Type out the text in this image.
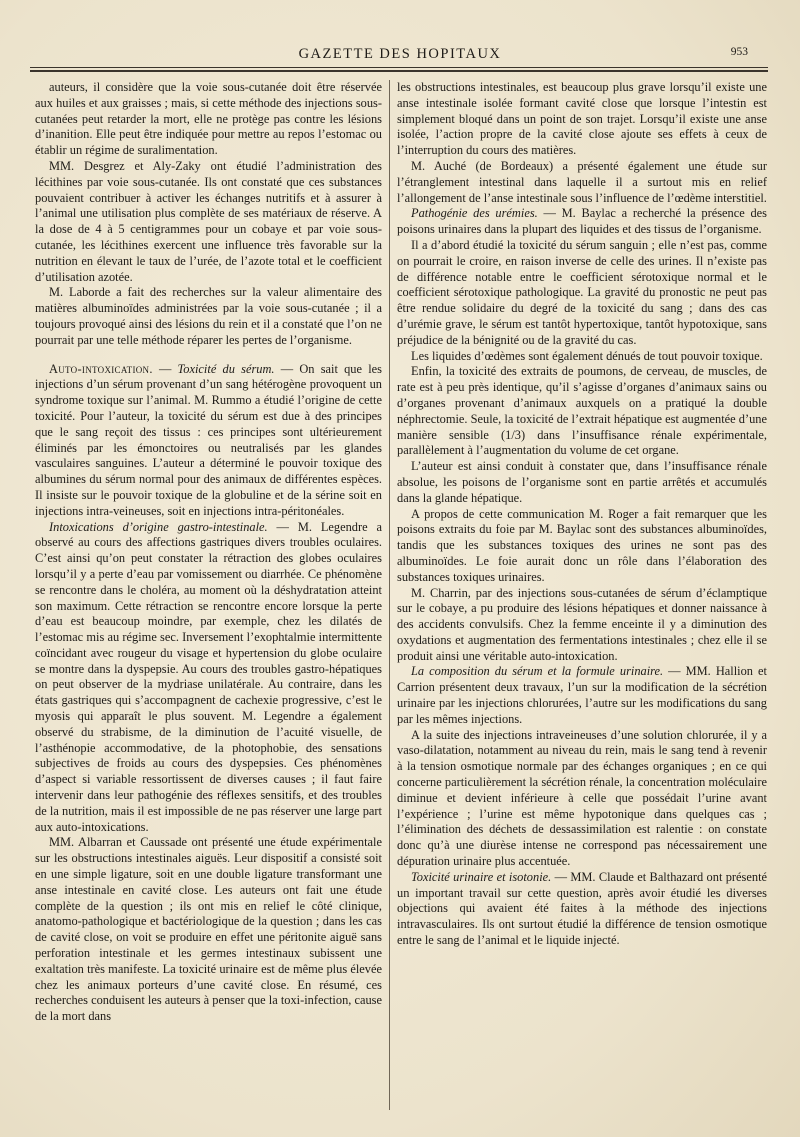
GAZETTE DES HOPITAUX	953

auteurs, il considère que la voie sous-cutanée doit être réservée aux huiles et aux graisses ; mais, si cette méthode des injections sous-cutanées peut retarder la mort, elle ne protège pas contre les lésions d’inanition. Elle peut être indiquée pour mettre au repos l’estomac ou établir un régime de suralimentation.

MM. Desgrez et Aly-Zaky ont étudié l’administration des lécithines par voie sous-cutanée. Ils ont constaté que ces substances pouvaient contribuer à activer les échanges nutritifs et à assurer à l’animal une utilisation plus complète de ses matériaux de réserve. A la dose de 4 à 5 centigrammes pour un cobaye et par voie sous-cutanée, les lécithines exercent une influence très favorable sur la nutrition en élevant le taux de l’urée, de l’azote total et le coefficient d’utilisation azotée.

M. Laborde a fait des recherches sur la valeur alimentaire des matières albuminoïdes administrées par la voie sous-cutanée ; il a toujours provoqué ainsi des lésions du rein et il a constaté que l’on ne pourrait par une telle méthode réparer les pertes de l’organisme.

Auto-intoxication. — Toxicité du sérum. — On sait que les injections d’un sérum provenant d’un sang hétérogène provoquent un syndrome toxique sur l’animal. M. Rummo a étudié l’origine de cette toxicité. Pour l’auteur, la toxicité du sérum est due à des principes que le sang reçoit des tissus : ces principes sont ultérieurement éliminés par les émonctoires ou neutralisés par les glandes vasculaires sanguines. L’auteur a déterminé le pouvoir toxique des albumines du sérum normal pour des animaux de différentes espèces. Il insiste sur le pouvoir toxique de la globuline et de la sérine soit en injections intra-veineuses, soit en injections intra-péritonéales.

Intoxications d’origine gastro-intestinale. — M. Legendre a observé au cours des affections gastriques divers troubles oculaires. C’est ainsi qu’on peut constater la rétraction des globes oculaires lorsqu’il y a perte d’eau par vomissement ou diarrhée. Ce phénomène se rencontre dans le choléra, au moment où la déshydratation atteint son maximum. Cette rétraction se rencontre encore lorsque la perte d’eau est beaucoup moindre, par exemple, chez les dilatés de l’estomac mis au régime sec. Inversement l’exophtalmie intermittente coïncidant avec rougeur du visage et hypertension du globe oculaire se montre dans la dyspepsie. Au cours des troubles gastro-hépatiques on peut observer de la mydriase unilatérale. Au contraire, dans les états gastriques qui s’accompagnent de cachexie progressive, c’est le myosis qui apparaît le plus souvent. M. Legendre a également observé du strabisme, de la diminution de l’acuité visuelle, de l’asthénopie accommodative, de la photophobie, des sensations subjectives de froids au cours des dyspepsies. Ces phénomènes d’aspect si variable ressortissent de diverses causes ; il faut faire intervenir dans leur pathogénie des réflexes sensitifs, et des troubles de la nutrition, mais il est impossible de ne pas réserver une large part aux auto-intoxications.

MM. Albarran et Caussade ont présenté une étude expérimentale sur les obstructions intestinales aiguës. Leur dispositif a consisté soit en une simple ligature, soit en une double ligature transformant une anse intestinale en cavité close. Les auteurs ont fait une étude complète de la question ; ils ont mis en relief le côté clinique, anatomo-pathologique et bactériologique de la question ; dans les cas de cavité close, on voit se produire en effet une péritonite aiguë sans perforation intestinale et les germes intestinaux subissent une exaltation très manifeste. La toxicité urinaire est de même plus élevée chez les animaux porteurs d’une cavité close. En résumé, ces recherches conduisent les auteurs à penser que la toxi-infection, cause de la mort dans

les obstructions intestinales, est beaucoup plus grave lorsqu’il existe une anse intestinale isolée formant cavité close que lorsque l’intestin est simplement bloqué dans un point de son trajet. Lorsqu’il existe une anse isolée, l’action propre de la cavité close ajoute ses effets à ceux de l’interruption du cours des matières.

M. Auché (de Bordeaux) a présenté également une étude sur l’étranglement intestinal dans laquelle il a surtout mis en relief l’allongement de l’anse intestinale sous l’influence de l’œdème interstitiel.

Pathogénie des urémies. — M. Baylac a recherché la présence des poisons urinaires dans la plupart des liquides et des tissus de l’organisme.

Il a d’abord étudié la toxicité du sérum sanguin ; elle n’est pas, comme on pourrait le croire, en raison inverse de celle des urines. Il n’existe pas de différence notable entre le coefficient sérotoxique normal et le coefficient sérotoxique pathologique. La gravité du pronostic ne peut pas être rendue solidaire du degré de la toxicité du sang ; dans des cas d’urémie grave, le sérum est tantôt hypertoxique, tantôt hypotoxique, sans préjudice de la bénignité ou de la gravité du cas.

Les liquides d’œdèmes sont également dénués de tout pouvoir toxique.

Enfin, la toxicité des extraits de poumons, de cerveau, de muscles, de rate est à peu près identique, qu’il s’agisse d’organes d’animaux sains ou d’organes provenant d’animaux auxquels on a pratiqué la double néphrectomie. Seule, la toxicité de l’extrait hépatique est augmentée d’une manière sensible (1/3) dans l’insuffisance rénale expérimentale, parallèlement à l’augmentation du volume de cet organe.

L’auteur est ainsi conduit à constater que, dans l’insuffisance rénale absolue, les poisons de l’organisme sont en partie arrêtés et accumulés dans la glande hépatique.

A propos de cette communication M. Roger a fait remarquer que les poisons extraits du foie par M. Baylac sont des substances albuminoïdes, tandis que les substances toxiques des urines ne sont pas des albuminoïdes. Le foie aurait donc un rôle dans l’élaboration des substances toxiques urinaires.

M. Charrin, par des injections sous-cutanées de sérum d’éclamptique sur le cobaye, a pu produire des lésions hépatiques et donner naissance à des accidents convulsifs. Chez la femme enceinte il y a diminution des oxydations et augmentation des fermentations intestinales ; chez elle il se produit ainsi une véritable auto-intoxication.

La composition du sérum et la formule urinaire. — MM. Hallion et Carrion présentent deux travaux, l’un sur la modification de la sécrétion urinaire par les injections chlorurées, l’autre sur les modifications du sang par les mêmes injections.

A la suite des injections intraveineuses d’une solution chlorurée, il y a vaso-dilatation, notamment au niveau du rein, mais le sang tend à revenir à la tension osmotique normale par des échanges organiques ; en ce qui concerne particulièrement la sécrétion rénale, la concentration moléculaire diminue et devient inférieure à celle que possédait l’urine avant l’expérience ; l’urine est même hypotonique dans quelques cas ; l’élimination des déchets de dessassimilation est ralentie : on constate donc qu’à une diurèse intense ne correspond pas nécessairement une dépuration urinaire plus accentuée.

Toxicité urinaire et isotonie. — MM. Claude et Balthazard ont présenté un important travail sur cette question, après avoir étudié les diverses objections qui avaient été faites à la méthode des injections intravasculaires. Ils ont surtout étudié la différence de tension osmotique entre le sang de l’animal et le liquide injecté.
